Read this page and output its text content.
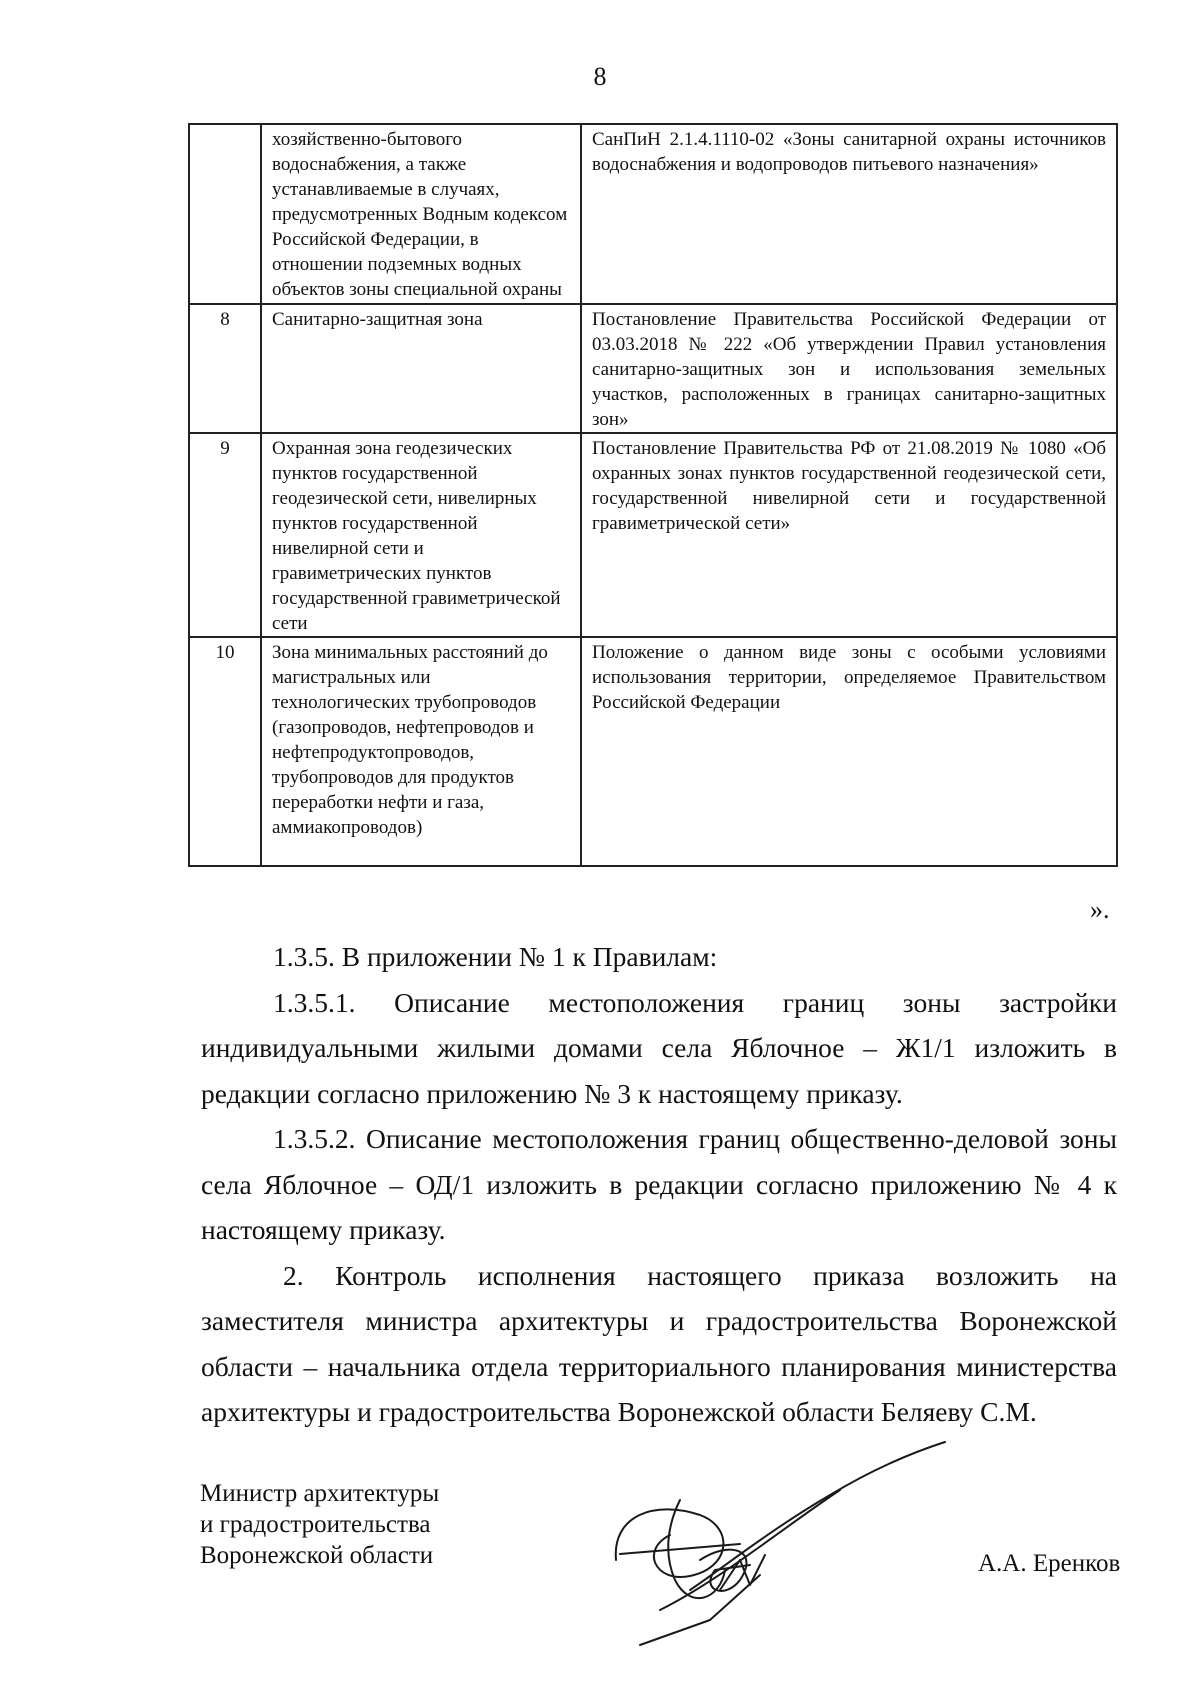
8
	хозяйственно-бытового водоснабжения, а также устанавливаемые в случаях, предусмотренных Водным кодексом Российской Федерации, в отношении подземных водных объектов зоны специальной охраны	СанПиН 2.1.4.1110-02 «Зоны санитарной охраны источников водоснабжения и водопроводов питьевого назначения»
8	Санитарно-защитная зона	Постановление Правительства Российской Федерации от 03.03.2018 № 222 «Об утверждении Правил установления санитарно-защитных зон и использования земельных участков, расположенных в границах санитарно-защитных зон»
9	Охранная зона геодезических пунктов государственной геодезической сети, нивелирных пунктов государственной нивелирной сети и гравиметрических пунктов государственной гравиметрической сети	Постановление Правительства РФ от 21.08.2019 № 1080 «Об охранных зонах пунктов государственной геодезической сети, государственной нивелирной сети и государственной гравиметрической сети»
10	Зона минимальных расстояний до магистральных или технологических трубопроводов (газопроводов, нефтепроводов и нефтепродуктопроводов, трубопроводов для продуктов переработки нефти и газа, аммиакопроводов)	Положение о данном виде зоны с особыми условиями использования территории, определяемое Правительством Российской Федерации
».

1.3.5. В приложении № 1 к Правилам:

1.3.5.1. Описание местоположения границ зоны застройки индивидуальными жилыми домами села Яблочное – Ж1/1 изложить в редакции согласно приложению № 3 к настоящему приказу.

1.3.5.2. Описание местоположения границ общественно-деловой зоны села Яблочное – ОД/1 изложить в редакции согласно приложению № 4 к настоящему приказу.

2. Контроль исполнения настоящего приказа возложить на заместителя министра архитектуры и градостроительства Воронежской области – начальника отдела территориального планирования министерства архитектуры и градостроительства Воронежской области Беляеву С.М.

Министр архитектуры
и градостроительства
Воронежской области	А.А. Еренков
